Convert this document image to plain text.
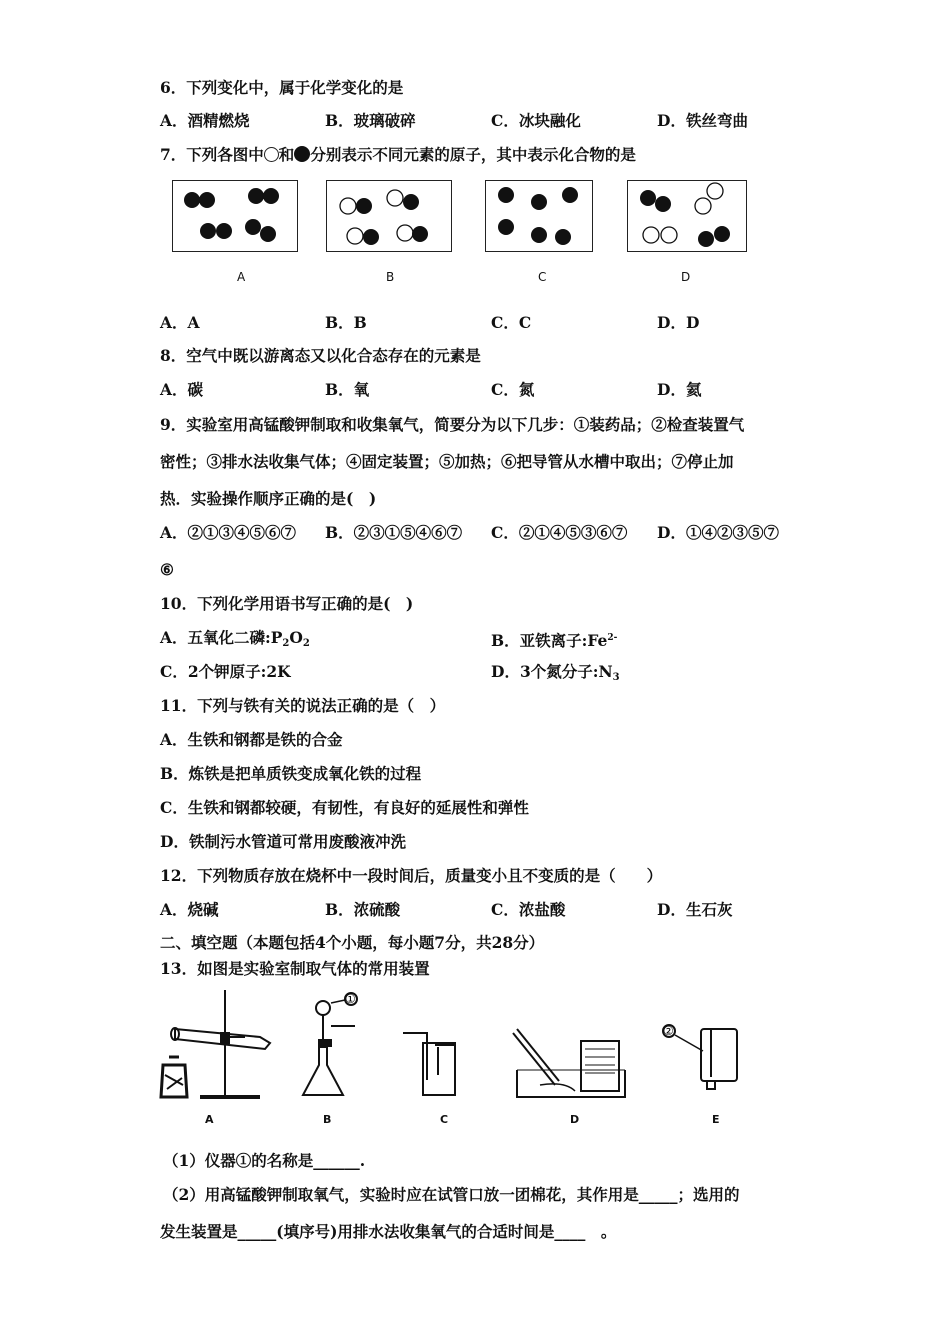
6．下列变化中，属于化学变化的是
A．酒精燃烧	B．玻璃破碎	C．冰块融化	D．铁丝弯曲
7．下列各图中 和 分别表示不同元素的原子，其中表示化合物的是
A	B	C	D
A．A	B．B	C．C	D．D
8．空气中既以游离态又以化合态存在的元素是
A．碳	B．氧	C．氮	D．氦
9．实验室用高锰酸钾制取和收集氧气，简要分为以下几步：①装药品；②检查装置气
密性；③排水法收集气体；④固定装置；⑤加热；⑥把导管从水槽中取出；⑦停止加
热．实验操作顺序正确的是(　)
A．②①③④⑤⑥⑦ B．②③①⑤④⑥⑦ C．②①④⑤③⑥⑦ D．①④②③⑤⑦
⑥
10．下列化学用语书写正确的是(　)
A．五氧化二磷$:P_2O_2$	B．亚铁离子$:Fe^{2-}$
C．2个钾原子:2K	D．3个氮分子$:N_3$
11．下列与铁有关的说法正确的是（　）
A．生铁和钢都是铁的合金
B．炼铁是把单质铁变成氧化铁的过程
C．生铁和钢都较硬，有韧性，有良好的延展性和弹性
D．铁制污水管道可常用废酸液冲洗
12．下列物质存放在烧杯中一段时间后，质量变小且不变质的是（　　）
A．烧碱	B．浓硫酸	C．浓盐酸	D．生石灰
二、填空题（本题包括4个小题，每小题7分，共28分）
13．如图是实验室制取气体的常用装置
①
②
A	B	C	D	E
（1）仪器①的名称是______.
（2）用高锰酸钾制取氧气，实验时应在试管口放一团棉花，其作用是_____；选用的
发生装置是_____(填序号)用排水法收集氧气的合适时间是____　。
